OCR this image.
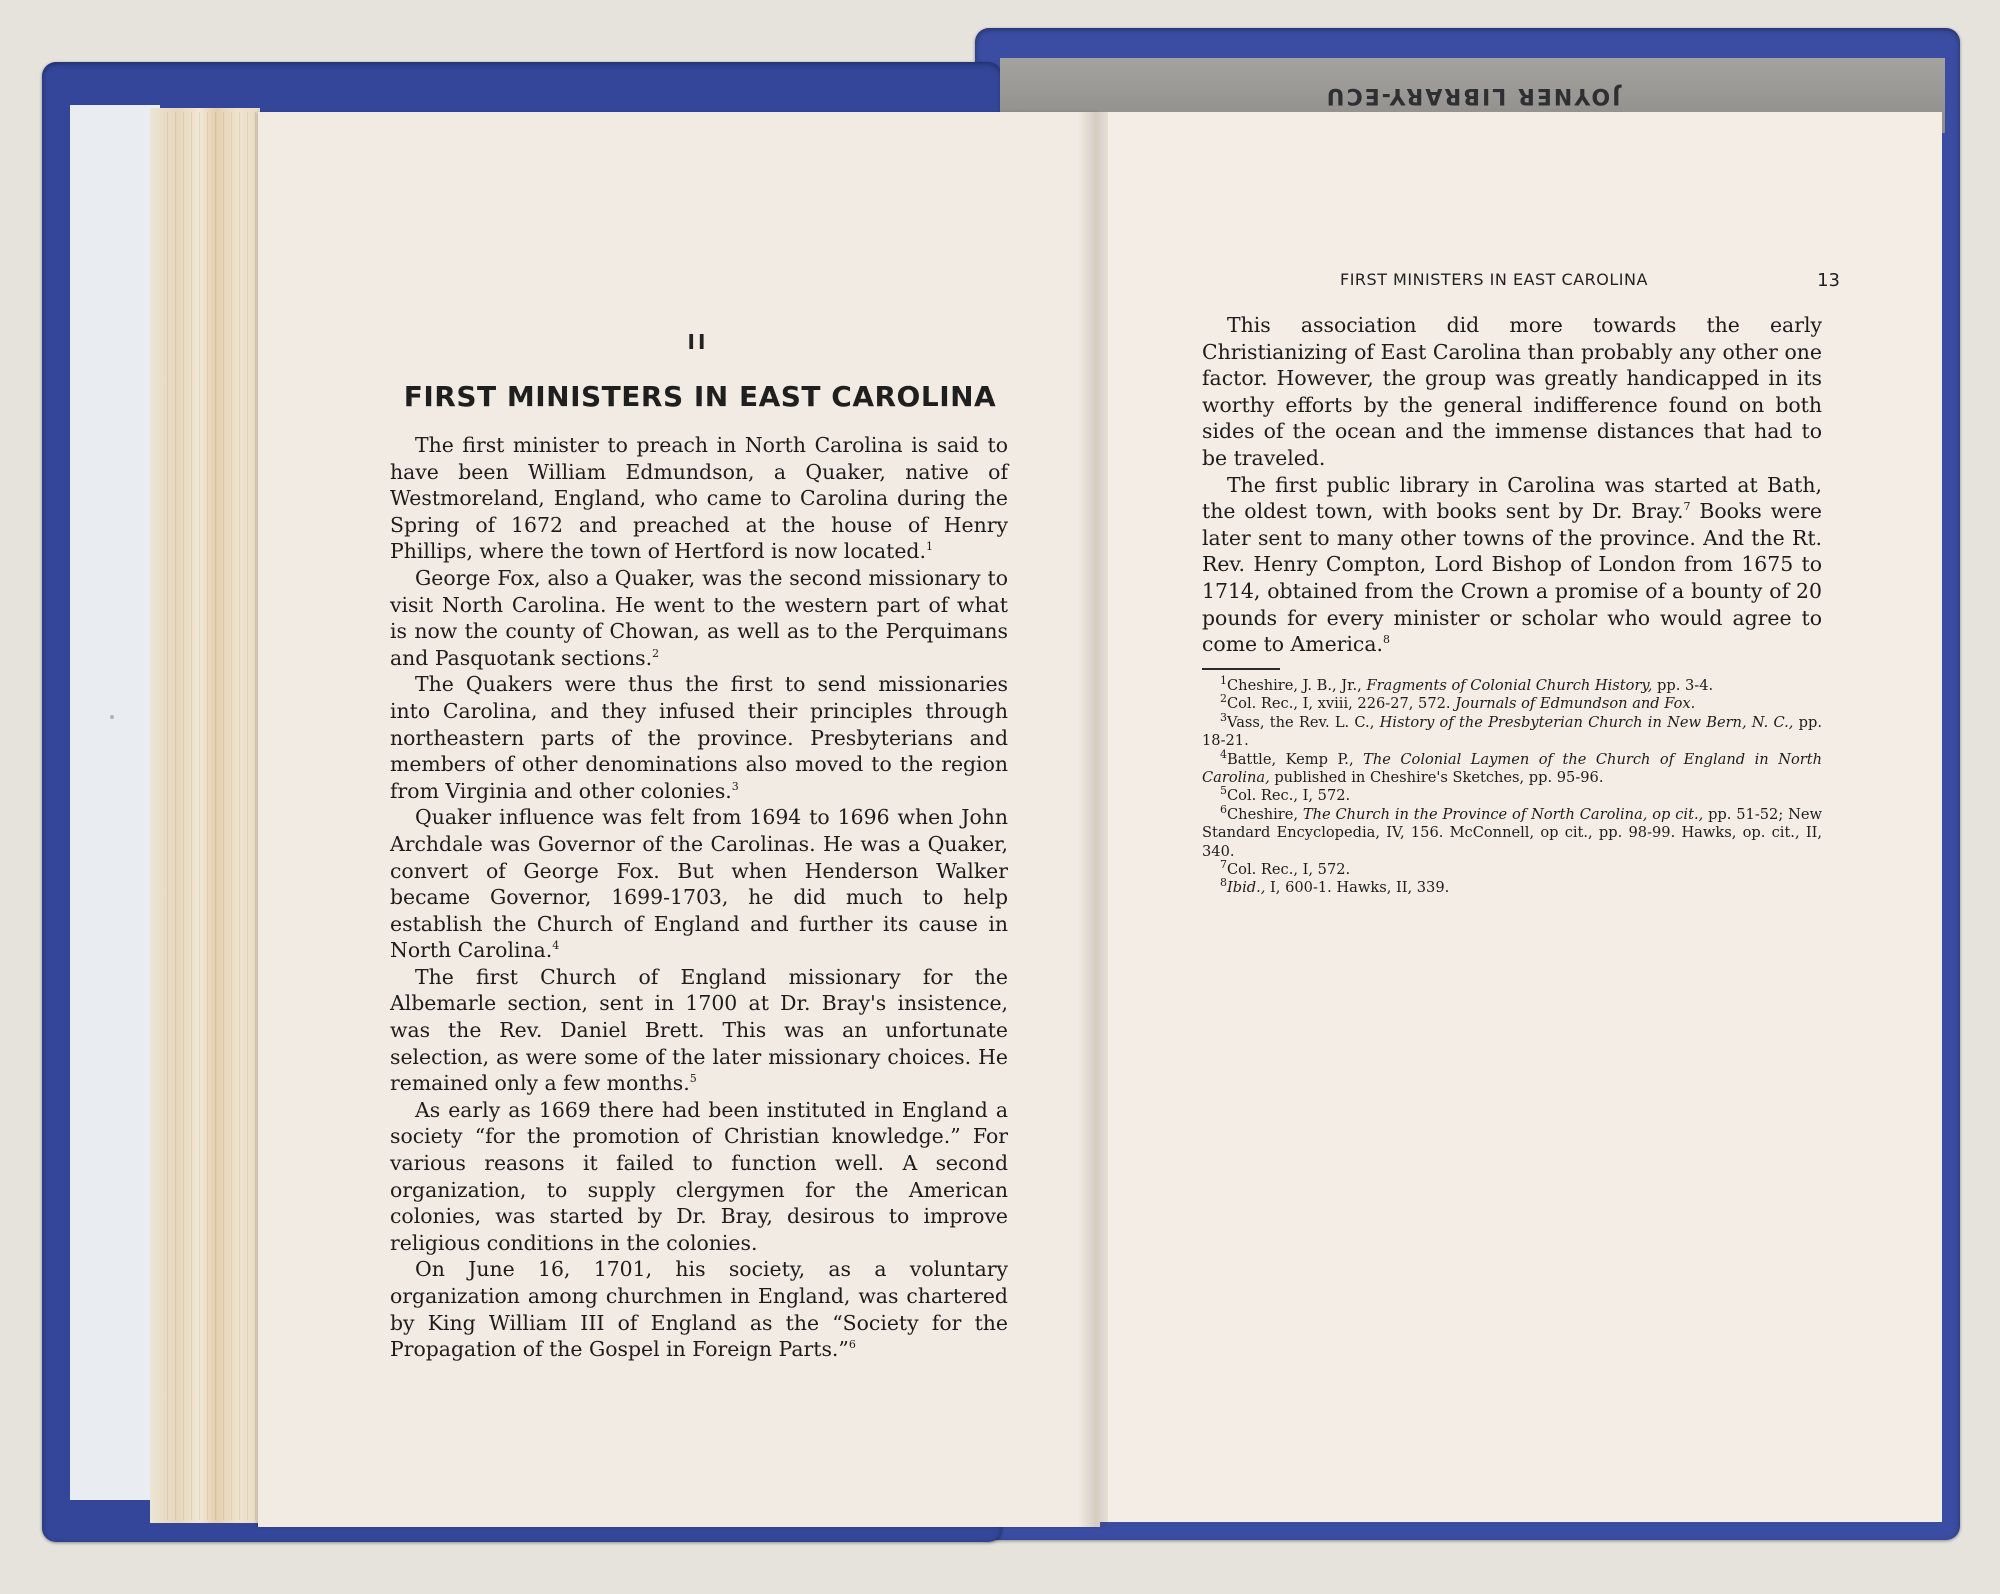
JOYNER LIBRARY-ECU
II
FIRST MINISTERS IN EAST CAROLINA

The first minister to preach in North Carolina is said to have been William Edmundson, a Quaker, native of Westmoreland, England, who came to Carolina during the Spring of 1672 and preached at the house of Henry Phillips, where the town of Hertford is now located.$^1$

George Fox, also a Quaker, was the second missionary to visit North Carolina. He went to the western part of what is now the county of Chowan, as well as to the Perquimans and Pasquotank sections.$^2$

The Quakers were thus the first to send missionaries into Carolina, and they infused their principles through northeastern parts of the province. Presbyterians and members of other denominations also moved to the region from Virginia and other colonies.$^3$

Quaker influence was felt from 1694 to 1696 when John Archdale was Governor of the Carolinas. He was a Quaker, convert of George Fox. But when Henderson Walker became Governor, 1699-1703, he did much to help establish the Church of England and further its cause in North Carolina.$^4$

The first Church of England missionary for the Albemarle section, sent in 1700 at Dr. Bray's insistence, was the Rev. Daniel Brett. This was an unfortunate selection, as were some of the later missionary choices. He remained only a few months.$^5$

As early as 1669 there had been instituted in England a society “for the promotion of Christian knowledge.” For various reasons it failed to function well. A second organization, to supply clergymen for the American colonies, was started by Dr. Bray, desirous to improve religious conditions in the colonies.

On June 16, 1701, his society, as a voluntary organization among churchmen in England, was chartered by King William III of England as the “Society for the Propagation of the Gospel in Foreign Parts.”$^6$

FIRST MINISTERS IN EAST CAROLINA	13

This association did more towards the early Christianizing of East Carolina than probably any other one factor. However, the group was greatly handicapped in its worthy efforts by the general indifference found on both sides of the ocean and the immense distances that had to be traveled.

The first public library in Carolina was started at Bath, the oldest town, with books sent by Dr. Bray.$^7$ Books were later sent to many other towns of the province. And the Rt. Rev. Henry Compton, Lord Bishop of London from 1675 to 1714, obtained from the Crown a promise of a bounty of 20 pounds for every minister or scholar who would agree to come to America.$^8$

$^1$Cheshire, J. B., Jr., Fragments of Colonial Church History, pp. 3-4.

$^2$Col. Rec., I, xviii, 226-27, 572. Journals of Edmundson and Fox.

$^3$Vass, the Rev. L. C., History of the Presbyterian Church in New Bern, N. C., pp. 18-21.

$^4$Battle, Kemp P., The Colonial Laymen of the Church of England in North Carolina, published in Cheshire's Sketches, pp. 95-96.

$^5$Col. Rec., I, 572.

$^6$Cheshire, The Church in the Province of North Carolina, op cit., pp. 51-52; New Standard Encyclopedia, IV, 156. McConnell, op cit., pp. 98-99. Hawks, op. cit., II, 340.

$^7$Col. Rec., I, 572.

$^8$Ibid., I, 600-1. Hawks, II, 339.
